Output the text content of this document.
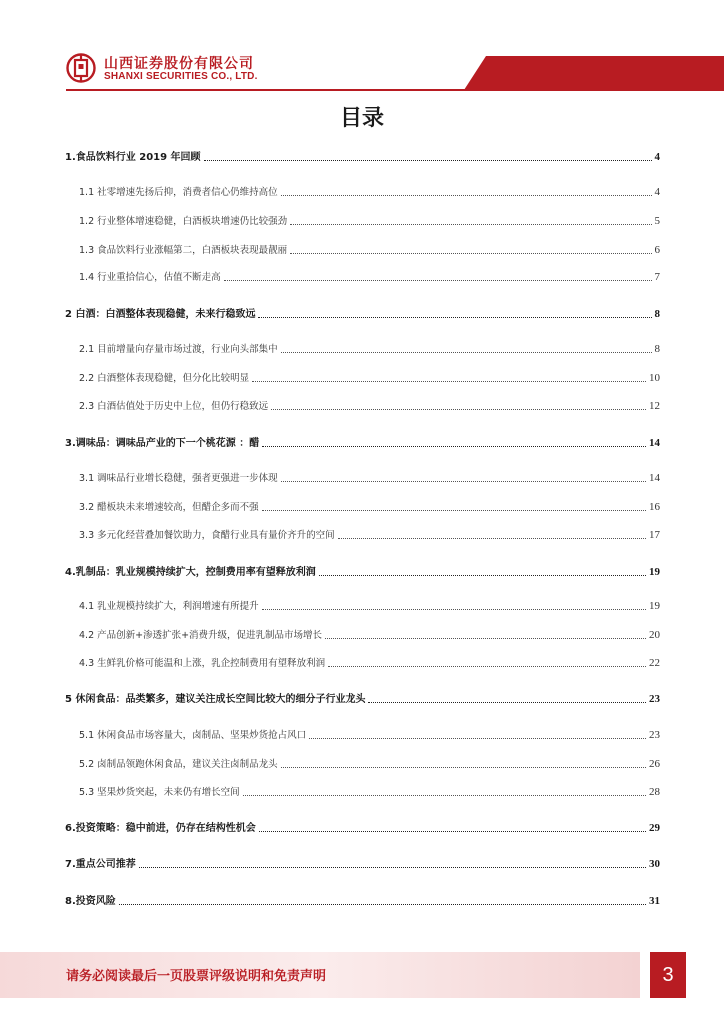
山西证券股份有限公司
SHANXI SECURITIES CO., LTD.
证券研究报告：行业研究/投资策略
目录
1.食品饮料行业 2019 年回顾	4
1.1 社零增速先扬后抑，消费者信心仍维持高位	4
1.2 行业整体增速稳健，白酒板块增速仍比较强劲	5
1.3 食品饮料行业涨幅第二，白酒板块表现最靓丽	6
1.4 行业重拾信心，估值不断走高	7
2 白酒：白酒整体表现稳健，未来行稳致远	8
2.1 目前增量向存量市场过渡，行业向头部集中	8
2.2 白酒整体表现稳健，但分化比较明显	10
2.3 白酒估值处于历史中上位，但仍行稳致远	12
3.调味品：调味品产业的下一个桃花源 ：醋	14
3.1 调味品行业增长稳健，强者更强进一步体现	14
3.2 醋板块未来增速较高，但醋企多而不强	16
3.3 多元化经营叠加餐饮助力，食醋行业具有量价齐升的空间	17
4.乳制品：乳业规模持续扩大，控制费用率有望释放利润	19
4.1 乳业规模持续扩大，利润增速有所提升	19
4.2 产品创新+渗透扩张+消费升级，促进乳制品市场增长	20
4.3 生鲜乳价格可能温和上涨，乳企控制费用有望释放利润	22
5 休闲食品：品类繁多，建议关注成长空间比较大的细分子行业龙头	23
5.1 休闲食品市场容量大，卤制品、坚果炒货抢占风口	23
5.2 卤制品领跑休闲食品，建议关注卤制品龙头	26
5.3 坚果炒货突起，未来仍有增长空间	28
6.投资策略：稳中前进，仍存在结构性机会	29
7.重点公司推荐	30
8.投资风险	31
请务必阅读最后一页股票评级说明和免责声明	3
